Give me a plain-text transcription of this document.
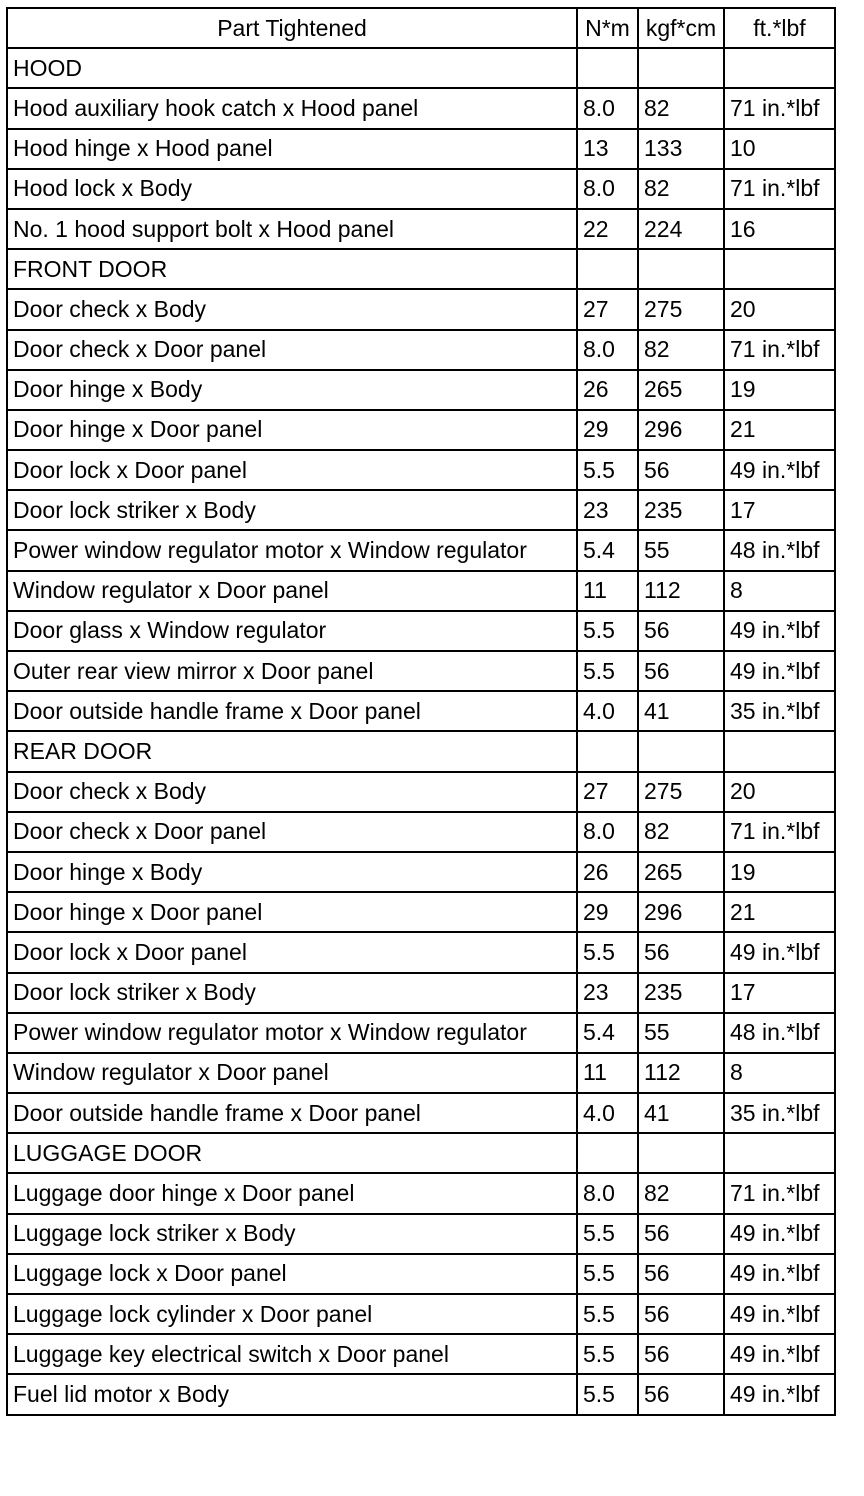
Part Tightened	N*m	kgf*cm	ft.*lbf
HOOD			
Hood auxiliary hook catch x Hood panel	8.0	82	71 in.*lbf
Hood hinge x Hood panel	13	133	10
Hood lock x Body	8.0	82	71 in.*lbf
No. 1 hood support bolt x Hood panel	22	224	16
FRONT DOOR			
Door check x Body	27	275	20
Door check x Door panel	8.0	82	71 in.*lbf
Door hinge x Body	26	265	19
Door hinge x Door panel	29	296	21
Door lock x Door panel	5.5	56	49 in.*lbf
Door lock striker x Body	23	235	17
Power window regulator motor x Window regulator	5.4	55	48 in.*lbf
Window regulator x Door panel	11	112	8
Door glass x Window regulator	5.5	56	49 in.*lbf
Outer rear view mirror x Door panel	5.5	56	49 in.*lbf
Door outside handle frame x Door panel	4.0	41	35 in.*lbf
REAR DOOR			
Door check x Body	27	275	20
Door check x Door panel	8.0	82	71 in.*lbf
Door hinge x Body	26	265	19
Door hinge x Door panel	29	296	21
Door lock x Door panel	5.5	56	49 in.*lbf
Door lock striker x Body	23	235	17
Power window regulator motor x Window regulator	5.4	55	48 in.*lbf
Window regulator x Door panel	11	112	8
Door outside handle frame x Door panel	4.0	41	35 in.*lbf
LUGGAGE DOOR			
Luggage door hinge x Door panel	8.0	82	71 in.*lbf
Luggage lock striker x Body	5.5	56	49 in.*lbf
Luggage lock x Door panel	5.5	56	49 in.*lbf
Luggage lock cylinder x Door panel	5.5	56	49 in.*lbf
Luggage key electrical switch x Door panel	5.5	56	49 in.*lbf
Fuel lid motor x Body	5.5	56	49 in.*lbf
